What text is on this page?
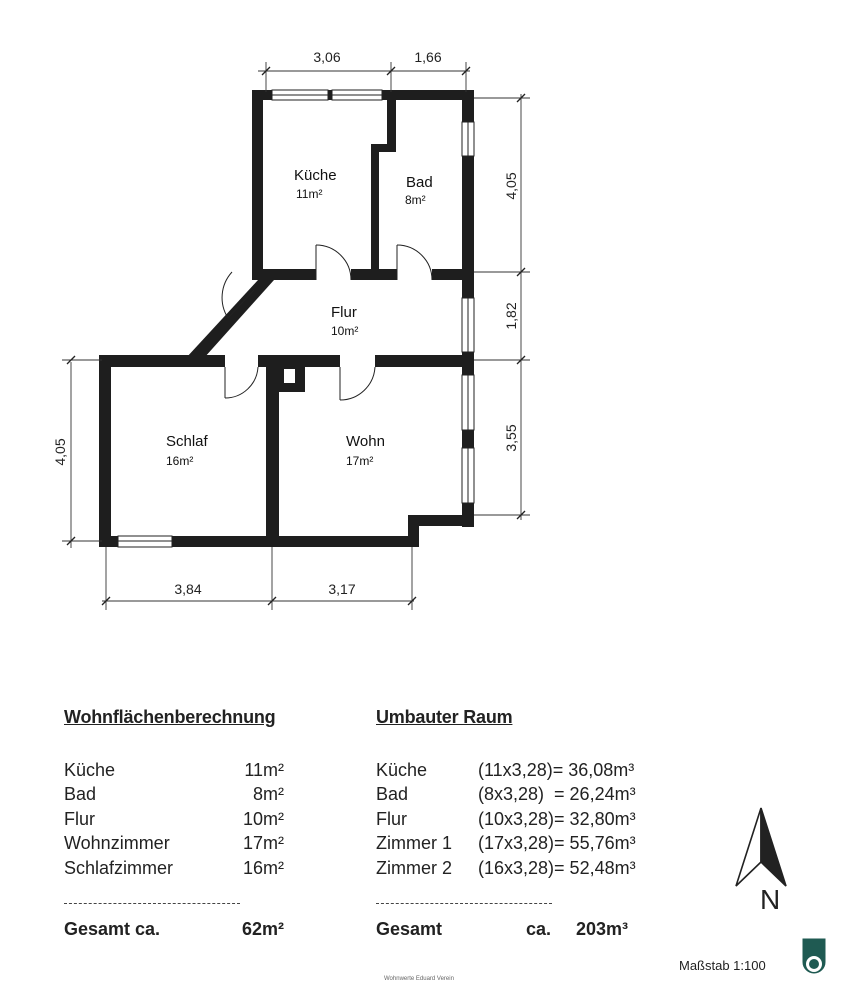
3,06	1,66
4,05
1,82
3,55
4,05
3,84	3,17
Küche
11m²
Bad
8m²
Flur
10m²
Schlaf
16m²
Wohn
17m²
Wohnflächenberechnung
Küche	11m²
Bad	8m²
Flur	10m²
Wohnzimmer	17m²
Schlafzimmer	16m²
Gesamt ca.	62m²
Umbauter Raum
Küche	(11x3,28)= 36,08m³
Bad	(8x3,28)  = 26,24m³
Flur	(10x3,28)= 32,80m³
Zimmer 1	(17x3,28)= 55,76m³
Zimmer 2	(16x3,28)= 52,48m³
Gesamt	ca.	203m³
N
Maßstab 1:100
Wohnwerte Eduard Verein
